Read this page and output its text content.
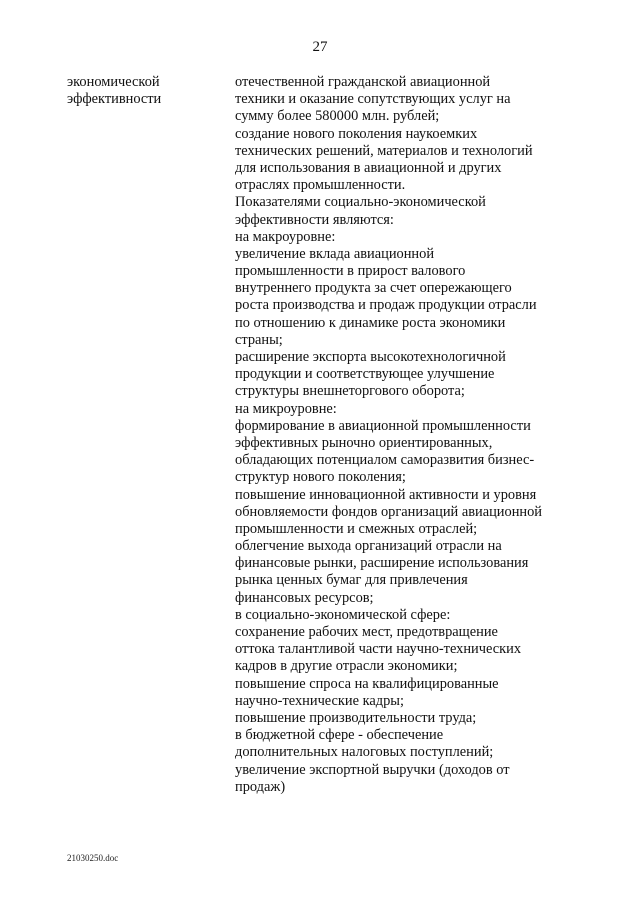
27
экономической
эффективности
отечественной гражданской авиационной
техники и оказание сопутствующих услуг на
сумму более 580000 млн. рублей;
создание нового поколения наукоемких
технических решений, материалов и технологий
для использования в авиационной и других
отраслях промышленности.
Показателями социально-экономической
эффективности являются:
на макроуровне:
увеличение вклада авиационной
промышленности в прирост валового
внутреннего продукта за счет опережающего
роста производства и продаж продукции отрасли
по отношению к динамике роста экономики
страны;
расширение экспорта высокотехнологичной
продукции и соответствующее улучшение
структуры внешнеторгового оборота;
на микроуровне:
формирование в авиационной промышленности
эффективных рыночно ориентированных,
обладающих потенциалом саморазвития бизнес-
структур нового поколения;
повышение инновационной активности и уровня
обновляемости фондов организаций авиационной
промышленности и смежных отраслей;
облегчение выхода организаций отрасли на
финансовые рынки, расширение использования
рынка ценных бумаг для привлечения
финансовых ресурсов;
в социально-экономической сфере:
сохранение рабочих мест, предотвращение
оттока талантливой части научно-технических
кадров в другие отрасли экономики;
повышение спроса на квалифицированные
научно-технические кадры;
повышение производительности труда;
в бюджетной сфере - обеспечение
дополнительных налоговых поступлений;
увеличение экспортной выручки (доходов от
продаж)
21030250.doc
